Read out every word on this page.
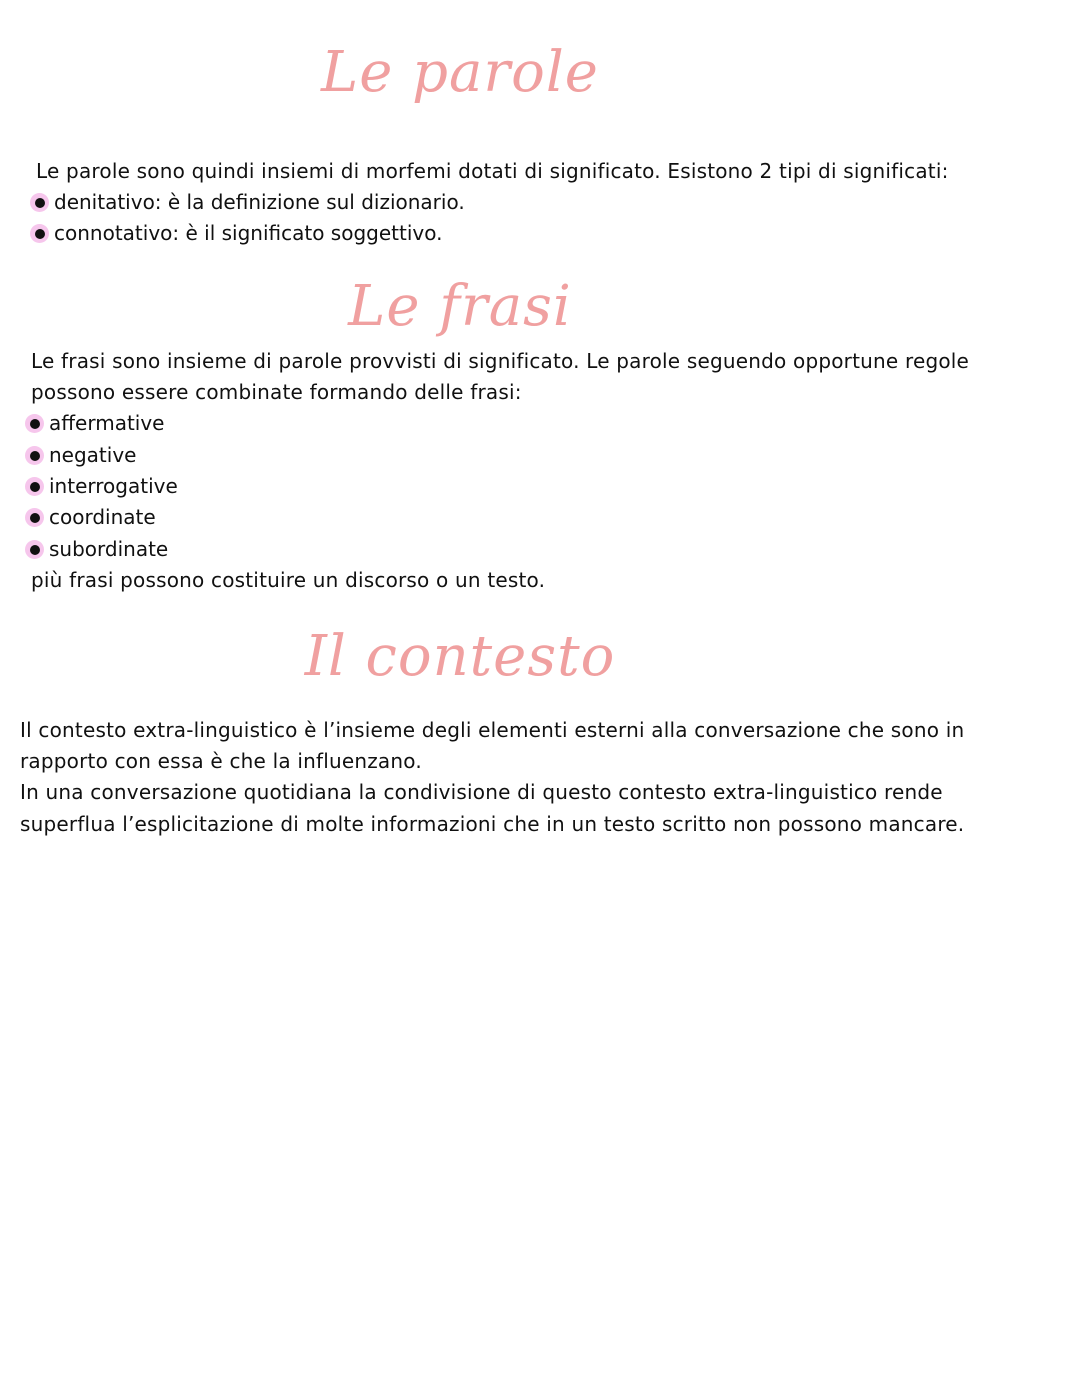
Le parole
Le parole sono quindi insiemi di morfemi dotati di significato. Esistono 2 tipi di significati:
denitativo: è la definizione sul dizionario.
connotativo: è il significato soggettivo.
Le frasi
Le frasi sono insieme di parole provvisti di significato. Le parole seguendo opportune regole
possono essere combinate formando delle frasi:
affermative
negative
interrogative
coordinate
subordinate
più frasi possono costituire un discorso o un testo.
Il contesto
Il contesto extra-linguistico è l’insieme degli elementi esterni alla conversazione che sono in
rapporto con essa è che la influenzano.
In una conversazione quotidiana la condivisione di questo contesto extra-linguistico rende
superflua l’esplicitazione di molte informazioni che in un testo scritto non possono mancare.
